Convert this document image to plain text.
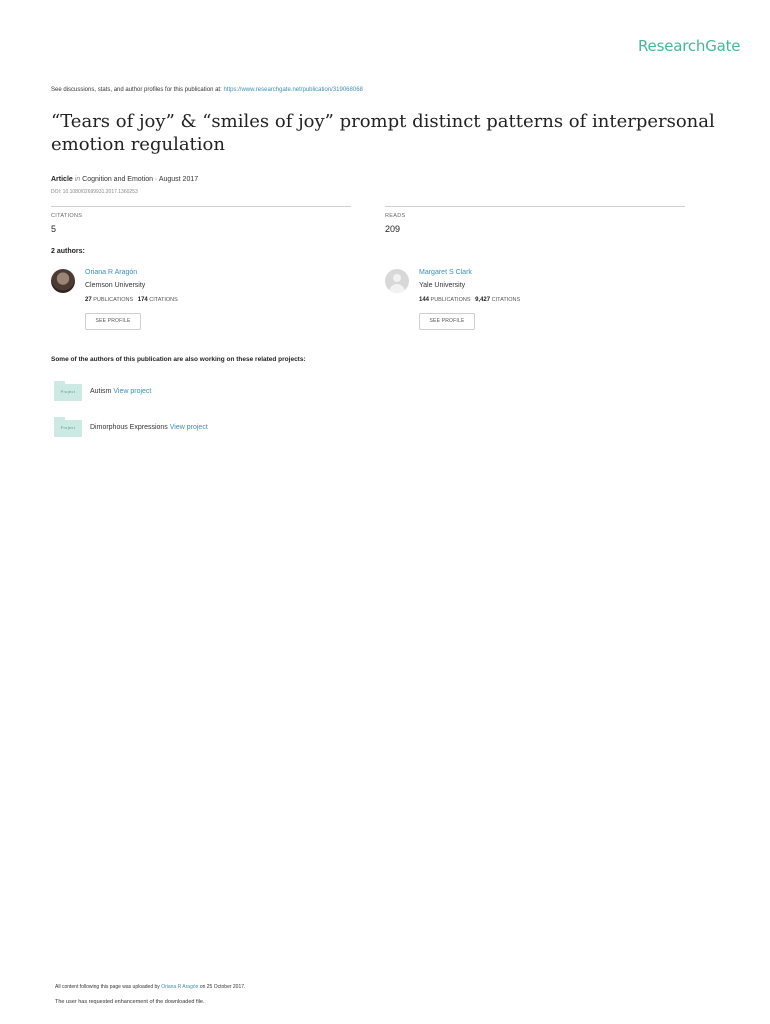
ResearchGate
See discussions, stats, and author profiles for this publication at: https://www.researchgate.net/publication/319068068
“Tears of joy” & “smiles of joy” prompt distinct patterns of interpersonal emotion regulation
Article in Cognition and Emotion · August 2017
DOI: 10.1080/02699931.2017.1360253
CITATIONS
5
READS
209
2 authors:
Oriana R Aragón
Clemson University
27 PUBLICATIONS 174 CITATIONS
SEE PROFILE
Margaret S Clark
Yale University
144 PUBLICATIONS 9,427 CITATIONS
SEE PROFILE
Some of the authors of this publication are also working on these related projects:
Project	Autism View project
Project	Dimorphous Expressions View project
All content following this page was uploaded by Oriana R Aragón on 25 October 2017.
The user has requested enhancement of the downloaded file.
